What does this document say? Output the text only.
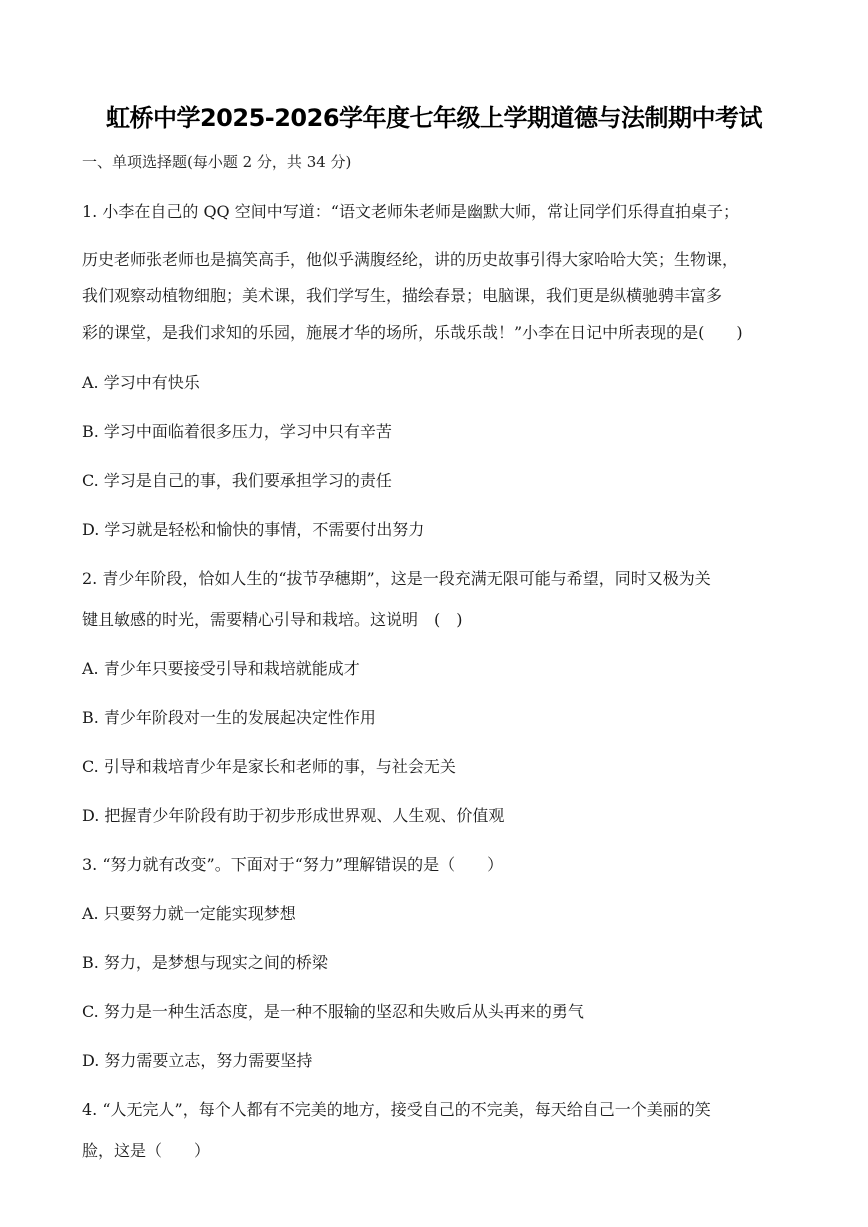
虹桥中学2025-2026学年度七年级上学期道德与法制期中考试
一、单项选择题(每小题 2 分，共 34 分)
1. 小李在自己的 QQ 空间中写道：“语文老师朱老师是幽默大师，常让同学们乐得直拍桌子；
历史老师张老师也是搞笑高手，他似乎满腹经纶，讲的历史故事引得大家哈哈大笑；生物课，
我们观察动植物细胞；美术课，我们学写生，描绘春景；电脑课，我们更是纵横驰骋丰富多
彩的课堂，是我们求知的乐园，施展才华的场所，乐哉乐哉！”小李在日记中所表现的是(　　)
A. 学习中有快乐
B. 学习中面临着很多压力，学习中只有辛苦
C. 学习是自己的事，我们要承担学习的责任
D. 学习就是轻松和愉快的事情，不需要付出努力
2. 青少年阶段，恰如人生的“拔节孕穗期”，这是一段充满无限可能与希望，同时又极为关
键且敏感的时光，需要精心引导和栽培。这说明　(　)
A. 青少年只要接受引导和栽培就能成才
B. 青少年阶段对一生的发展起决定性作用
C. 引导和栽培青少年是家长和老师的事，与社会无关
D. 把握青少年阶段有助于初步形成世界观、人生观、价值观
3. “努力就有改变”。下面对于“努力”理解错误的是（　　）
A. 只要努力就一定能实现梦想
B. 努力，是梦想与现实之间的桥梁
C. 努力是一种生活态度，是一种不服输的坚忍和失败后从头再来的勇气
D. 努力需要立志，努力需要坚持
4. “人无完人”，每个人都有不完美的地方，接受自己的不完美，每天给自己一个美丽的笑
脸，这是（　　）
